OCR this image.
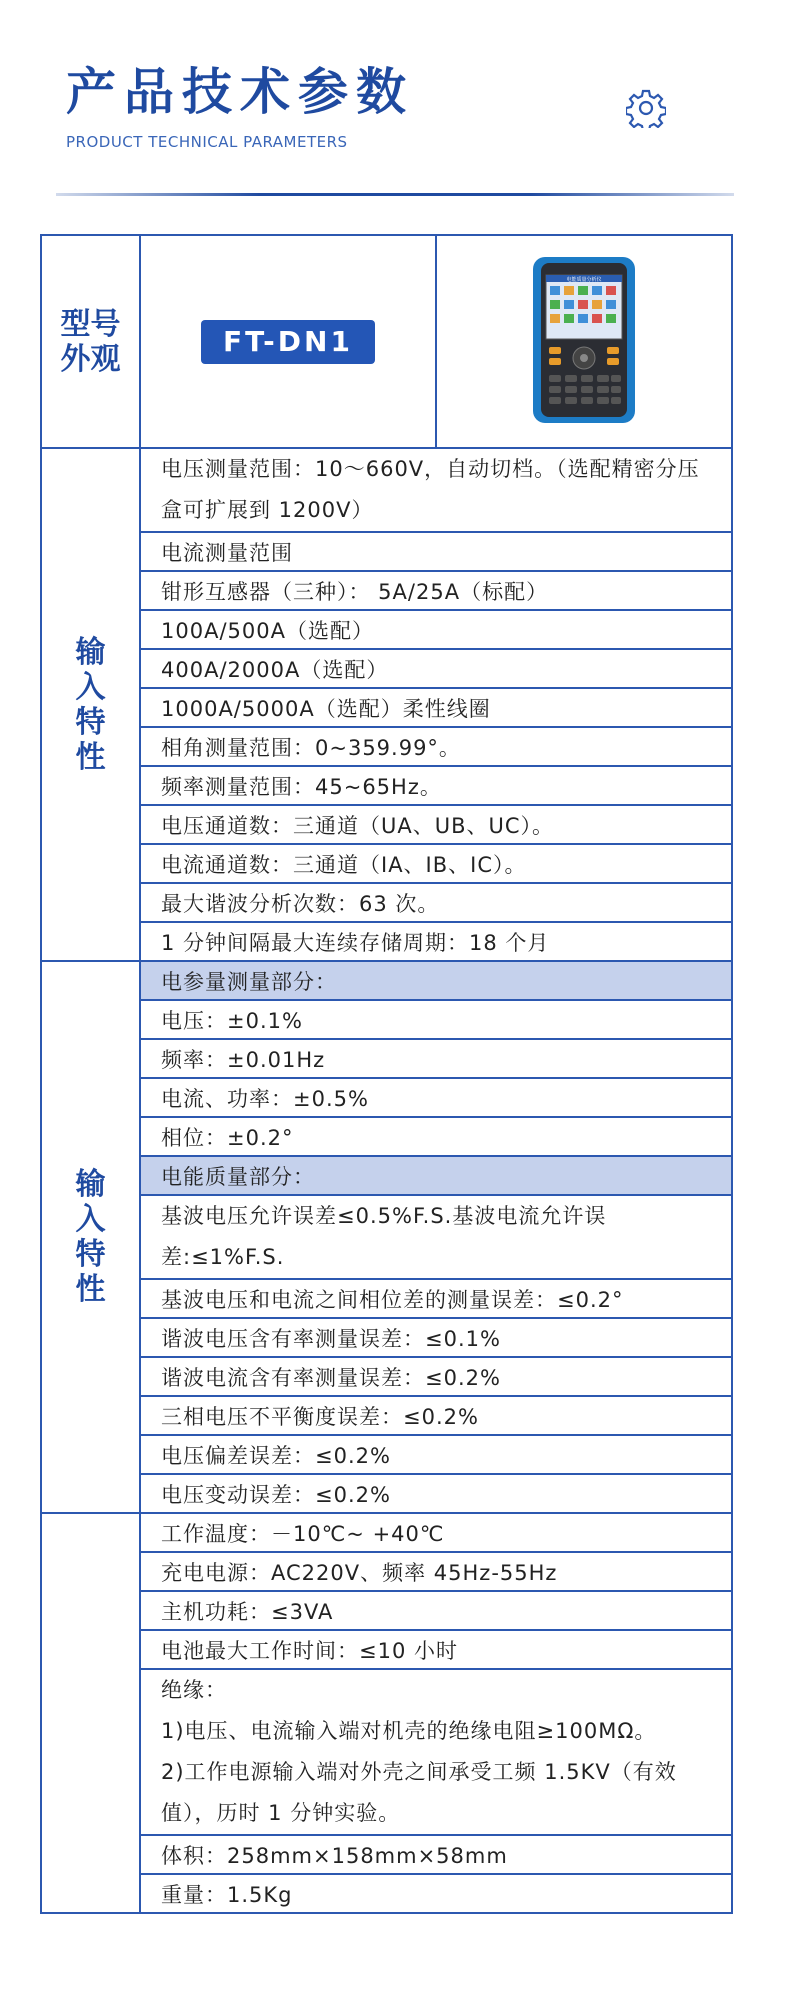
产品技术参数
PRODUCT TECHNICAL PARAMETERS
型号
外观	FT-DN1	电能质量分析仪

输
入
特
性	电压测量范围：10～660V，自动切档。（选配精密分压盒可扩展到 1200V）	
	电流测量范围	
	钳形互感器（三种）： 5A/25A（标配）	
	100A/500A（选配）	
	400A/2000A（选配）	
	1000A/5000A（选配）柔性线圈	
	相角测量范围：0~359.99°。	
	频率测量范围：45~65Hz。	
	电压通道数：三通道（UA、UB、UC）。	
	电流通道数：三通道（IA、IB、IC）。	
	最大谐波分析次数：63 次。	
	1 分钟间隔最大连续存储周期：18 个月	

输
入
特
性	电参量测量部分：	
	电压：±0.1%	
	频率：±0.01Hz	
	电流、功率：±0.5%	
	相位：±0.2°	
	电能质量部分：	
	基波电压允许误差≤0.5%F.S.基波电流允许误差:≤1%F.S.	
	基波电压和电流之间相位差的测量误差：≤0.2°	
	谐波电压含有率测量误差：≤0.1%	
	谐波电流含有率测量误差：≤0.2%	
	三相电压不平衡度误差：≤0.2%	
	电压偏差误差：≤0.2%	
	电压变动误差：≤0.2%	
	工作温度：－10℃~ +40℃	
	充电电源：AC220V、频率 45Hz-55Hz	
	主机功耗：≤3VA	
	电池最大工作时间：≤10 小时	

	绝缘：
1)电压、电流输入端对机壳的绝缘电阻≥100MΩ。
2)工作电源输入端对外壳之间承受工频 1.5KV（有效值），历时 1 分钟实验。	

	体积：258mm×158mm×58mm	
	重量：1.5Kg	
